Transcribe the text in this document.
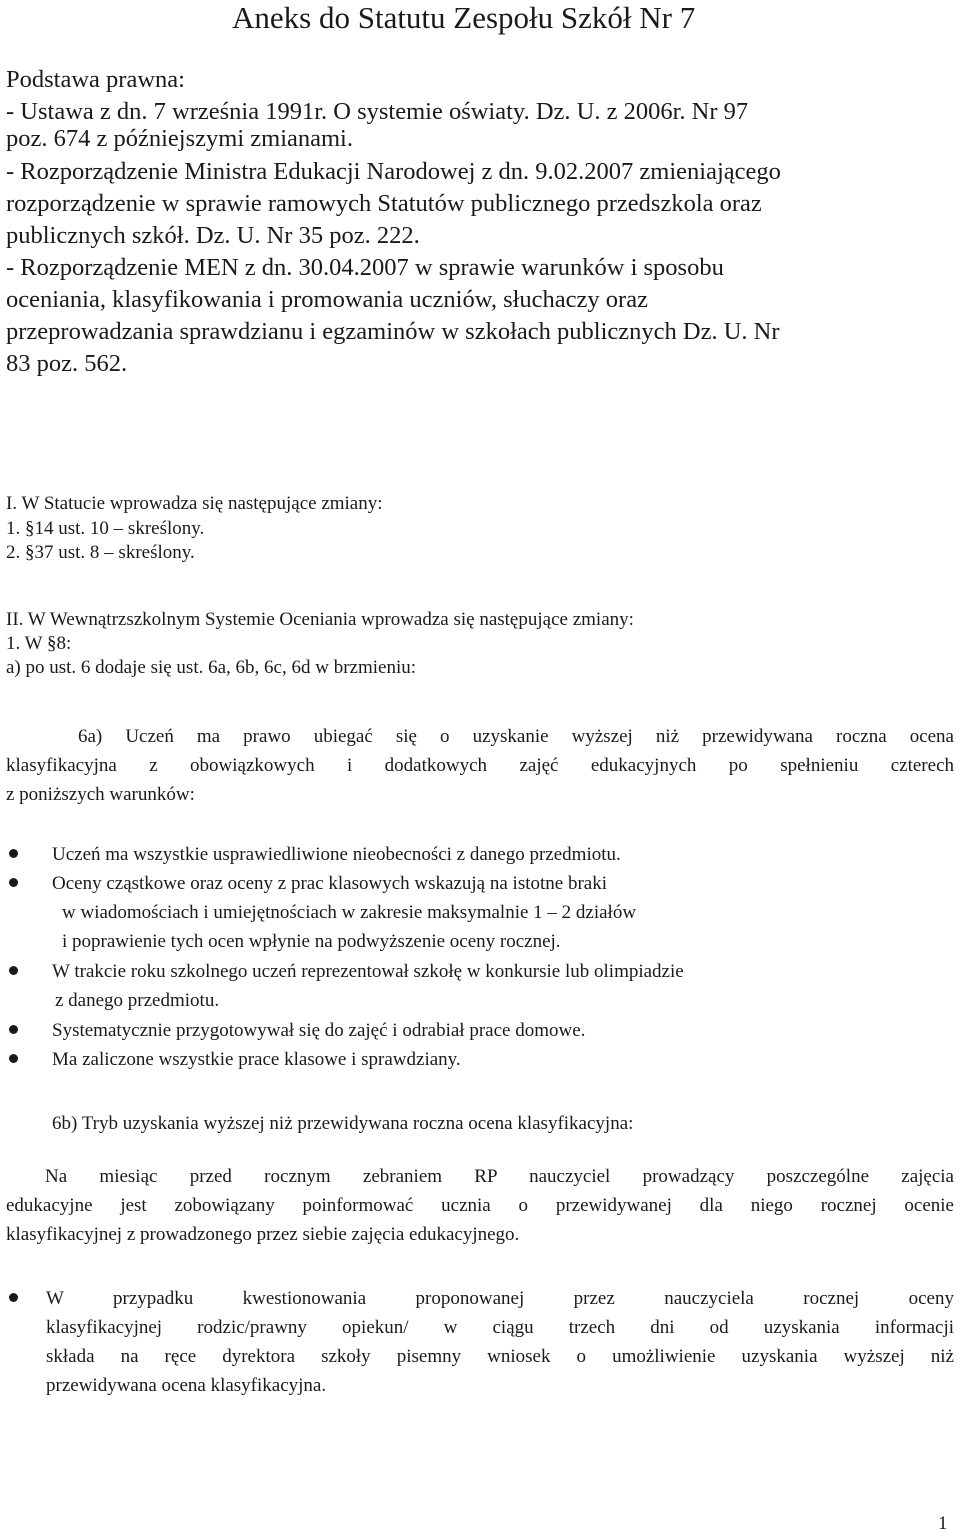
Aneks do Statutu Zespołu Szkół Nr 7
Podstawa prawna:
- Ustawa z dn. 7 września 1991r. O systemie oświaty. Dz. U. z 2006r. Nr 97
poz. 674 z późniejszymi zmianami.
- Rozporządzenie Ministra Edukacji Narodowej z dn. 9.02.2007 zmieniającego
rozporządzenie w sprawie ramowych Statutów publicznego przedszkola oraz
publicznych szkół. Dz. U. Nr 35 poz. 222.
- Rozporządzenie MEN z dn. 30.04.2007 w sprawie warunków i sposobu
oceniania, klasyfikowania i promowania uczniów, słuchaczy oraz
przeprowadzania sprawdzianu i egzaminów w szkołach publicznych Dz. U. Nr
83 poz. 562.
I. W Statucie wprowadza się następujące zmiany:
1. §14 ust. 10 – skreślony.
2. §37 ust. 8 – skreślony.
II. W Wewnątrzszkolnym Systemie Oceniania wprowadza się następujące zmiany:
1. W §8:
a) po ust. 6 dodaje się ust. 6a, 6b, 6c, 6d w brzmieniu:
6a) Uczeń ma prawo ubiegać się o uzyskanie wyższej niż przewidywana roczna ocena
klasyfikacyjna z obowiązkowych i dodatkowych zajęć edukacyjnych po spełnieniu czterech
z poniższych warunków:
Uczeń ma wszystkie usprawiedliwione nieobecności z danego przedmiotu.
Oceny cząstkowe oraz oceny z prac klasowych wskazują na istotne braki
w wiadomościach i umiejętnościach w zakresie maksymalnie 1 – 2 działów
i poprawienie tych ocen wpłynie na podwyższenie oceny rocznej.
W trakcie roku szkolnego uczeń reprezentował szkołę w konkursie lub olimpiadzie
z danego przedmiotu.
Systematycznie przygotowywał się do zajęć i odrabiał prace domowe.
Ma zaliczone wszystkie prace klasowe i sprawdziany.
6b) Tryb uzyskania wyższej niż przewidywana roczna ocena klasyfikacyjna:
Na miesiąc przed rocznym zebraniem RP nauczyciel prowadzący poszczególne zajęcia
edukacyjne jest zobowiązany poinformować ucznia o przewidywanej dla niego rocznej ocenie
klasyfikacyjnej z prowadzonego przez siebie zajęcia edukacyjnego.
W przypadku kwestionowania proponowanej przez nauczyciela rocznej oceny
klasyfikacyjnej rodzic/prawny opiekun/ w ciągu trzech dni od uzyskania informacji
składa na ręce dyrektora szkoły pisemny wniosek o umożliwienie uzyskania wyższej niż
przewidywana ocena klasyfikacyjna.
1
